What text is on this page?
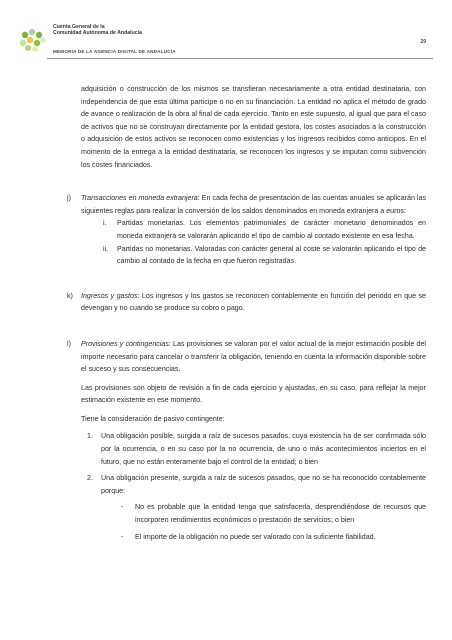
Cuenta General de la
Comunidad Autónoma de Andalucía
29
MEMORIA DE LA AGENCIA DIGITAL DE ANDALUCÍA

adquisición o construcción de los mismos se transfieran necesariamente a otra entidad destinataria, con independencia de que esta última participe o no en su financiación. La entidad no aplica el método de grado de avance o realización de la obra al final de cada ejercicio. Tanto en este supuesto, al igual que para el caso de activos que no se construyan directamente por la entidad gestora, los costes asociados a la construcción o adquisición de estos activos se reconocen como existencias y los ingresos recibidos como anticipos. En el momento de la entrega a la entidad destinataria, se reconocen los ingresos y se imputan como subvención los costes financiados.

j) Transacciones en moneda extranjera: En cada fecha de presentación de las cuentas anuales se aplicarán las siguientes reglas para realizar la conversión de los saldos denominados en moneda extranjera a euros:

i. Partidas monetarias. Los elementos patrimoniales de carácter monetario denominados en moneda extranjera se valorarán aplicando el tipo de cambio al contado existente en esa fecha.

ii. Partidas no monetarias. Valoradas con carácter general al coste se valorarán aplicando el tipo de cambio al contado de la fecha en que fueron registradas.

k) Ingresos y gastos: Los ingresos y los gastos se reconocen contablemente en función del periodo en que se devengan y no cuando se produce su cobro o pago.

l) Provisiones y contingencias: Las provisiones se valoran por el valor actual de la mejor estimación posible del importe necesario para cancelar o transferir la obligación, teniendo en cuenta la información disponible sobre el suceso y sus consecuencias.

Las provisiones son objeto de revisión a fin de cada ejercicio y ajustadas, en su caso, para reflejar la mejor estimación existente en ese momento.

Tiene la consideración de pasivo contingente:

1. Una obligación posible, surgida a raíz de sucesos pasados, cuya existencia ha de ser confirmada sólo por la ocurrencia, o en su caso por la no ocurrencia, de uno o más acontecimientos inciertos en el futuro, que no están enteramente bajo el control de la entidad; o bien

2. Una obligación presente, surgida a raíz de sucesos pasados, que no se ha reconocido contablemente porque:

- No es probable que la entidad tenga que satisfacerla, desprendiéndose de recursos que incorporen rendimientos económicos o prestación de servicios; o bien

- El importe de la obligación no puede ser valorado con la suficiente fiabilidad.
